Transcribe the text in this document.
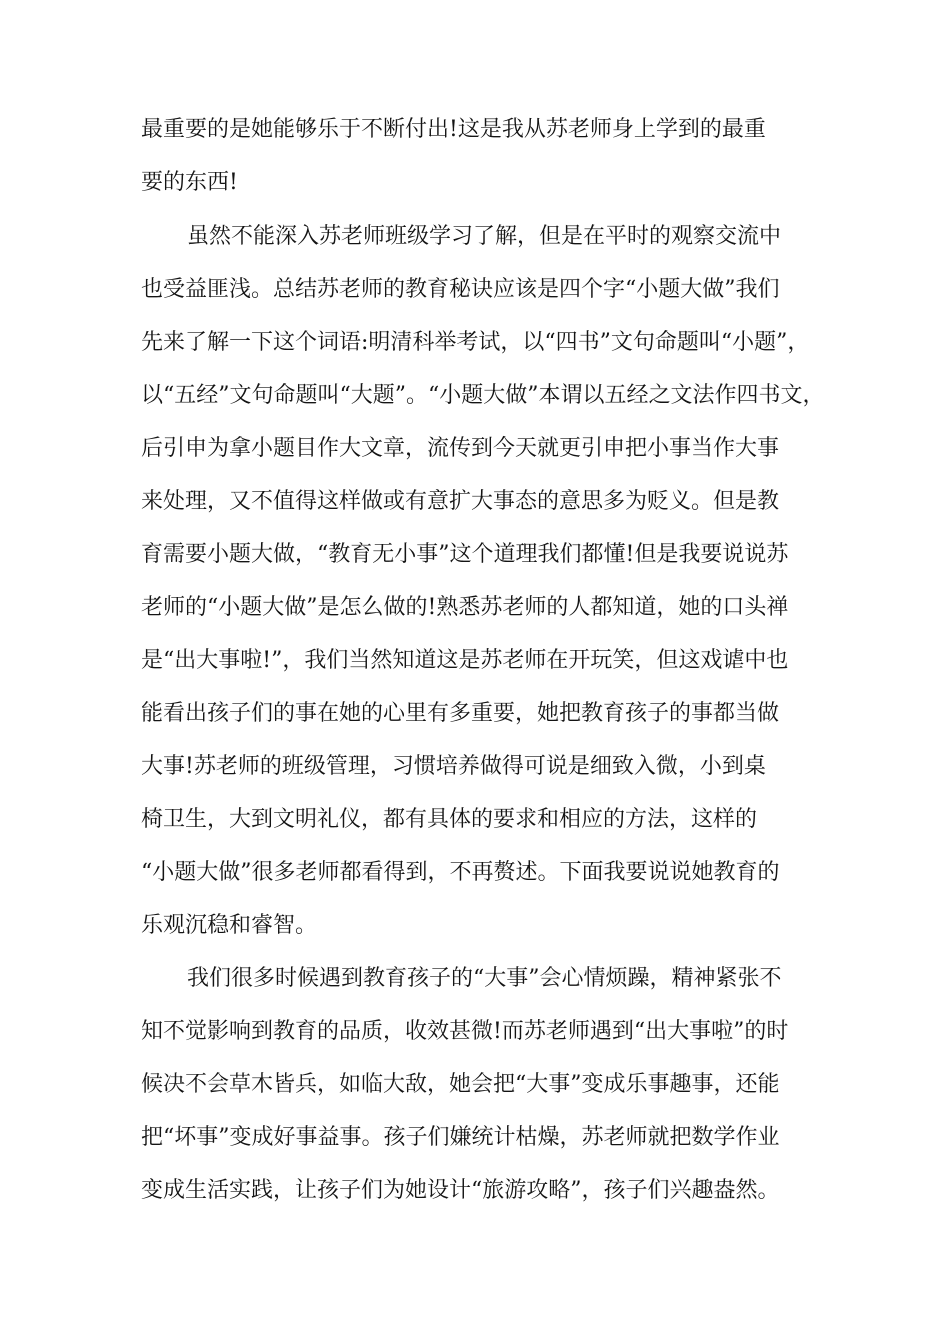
最重要的是她能够乐于不断付出!这是我从苏老师身上学到的最重
要的东西!
虽然不能深入苏老师班级学习了解，但是在平时的观察交流中
也受益匪浅。总结苏老师的教育秘诀应该是四个字“小题大做”我们
先来了解一下这个词语:明清科举考试，以“四书”文句命题叫“小题”，
以“五经”文句命题叫“大题”。“小题大做”本谓以五经之文法作四书文，
后引申为拿小题目作大文章，流传到今天就更引申把小事当作大事
来处理，又不值得这样做或有意扩大事态的意思多为贬义。但是教
育需要小题大做，“教育无小事”这个道理我们都懂!但是我要说说苏
老师的“小题大做”是怎么做的!熟悉苏老师的人都知道，她的口头禅
是“出大事啦!”，我们当然知道这是苏老师在开玩笑，但这戏谑中也
能看出孩子们的事在她的心里有多重要，她把教育孩子的事都当做
大事!苏老师的班级管理，习惯培养做得可说是细致入微，小到桌
椅卫生，大到文明礼仪，都有具体的要求和相应的方法，这样的
“小题大做”很多老师都看得到，不再赘述。下面我要说说她教育的
乐观沉稳和睿智。
我们很多时候遇到教育孩子的“大事”会心情烦躁，精神紧张不
知不觉影响到教育的品质，收效甚微!而苏老师遇到“出大事啦”的时
候决不会草木皆兵，如临大敌，她会把“大事”变成乐事趣事，还能
把“坏事”变成好事益事。孩子们嫌统计枯燥，苏老师就把数学作业
变成生活实践，让孩子们为她设计“旅游攻略”，孩子们兴趣盎然。
